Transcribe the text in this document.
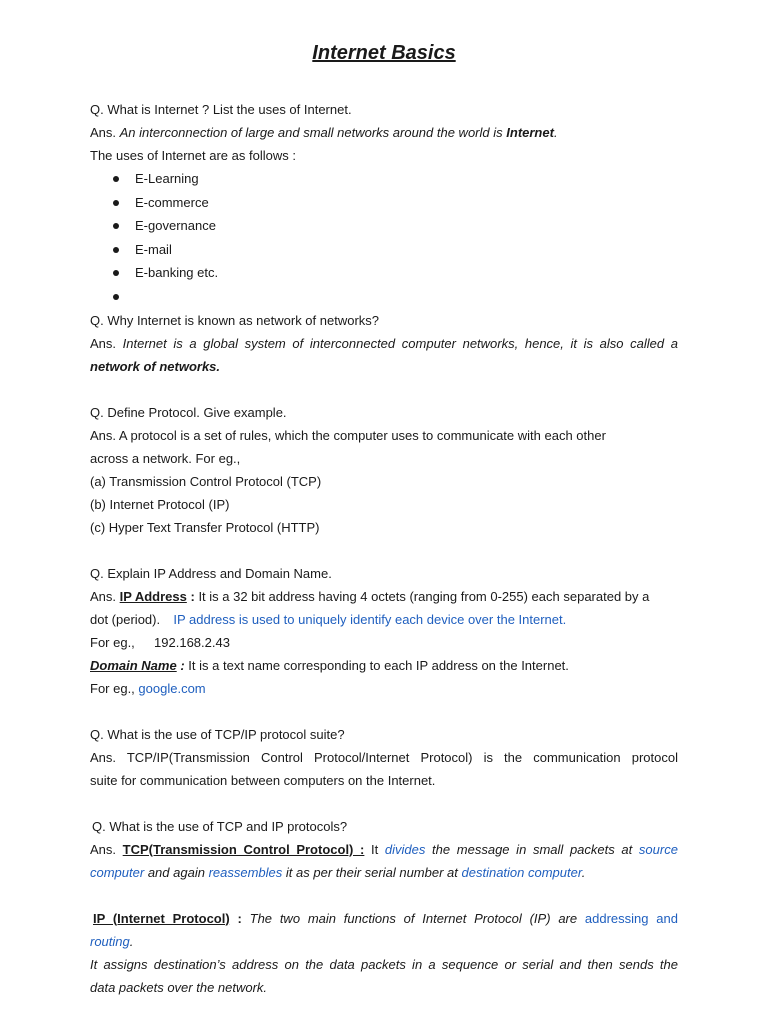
Internet Basics
Q. What is Internet ? List the uses of Internet.
Ans. An interconnection of large and small networks around the world is Internet.
The uses of Internet are as follows :
E-Learning
E-commerce
E-governance
E-mail
E-banking etc.
Q. Why Internet is known as network of networks?
Ans. Internet is a global system of interconnected computer networks, hence, it is also called a
network of networks.
Q. Define Protocol. Give example.
Ans. A protocol is a set of rules, which the computer uses to communicate with each other
across a network. For eg.,
(a) Transmission Control Protocol (TCP)
(b) Internet Protocol (IP)
(c) Hyper Text Transfer Protocol (HTTP)
Q. Explain IP Address and Domain Name.
Ans. IP Address : It is a 32 bit address having 4 octets (ranging from 0-255) each separated by a
dot (period). IP address is used to uniquely identify each device over the Internet.
For eg., 192.168.2.43
Domain Name : It is a text name corresponding to each IP address on the Internet.
For eg., google.com
Q. What is the use of TCP/IP protocol suite?
Ans. TCP/IP(Transmission Control Protocol/Internet Protocol) is the communication protocol
suite for communication between computers on the Internet.
Q. What is the use of TCP and IP protocols?
Ans. TCP(Transmission Control Protocol) : It divides the message in small packets at source
computer and again reassembles it as per their serial number at destination computer.
IP (Internet Protocol) : The two main functions of Internet Protocol (IP) are addressing and
routing.
It assigns destination’s address on the data packets in a sequence or serial and then sends the
data packets over the network.
